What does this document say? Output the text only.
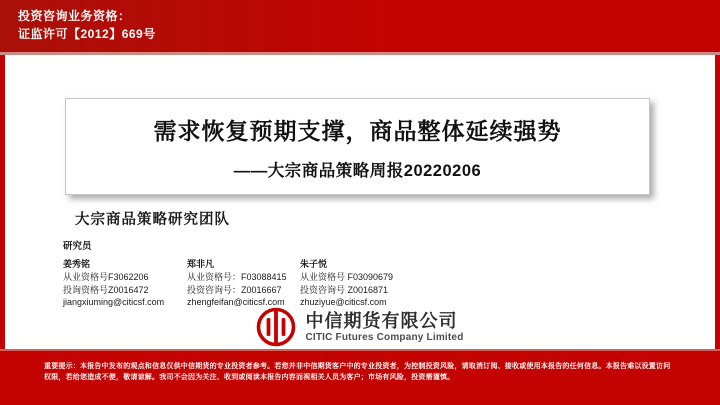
投资咨询业务资格：
证监许可【2012】669号
需求恢复预期支撑，商品整体延续强势
——大宗商品策略周报20220206
大宗商品策略研究团队
研究员
姜秀铭
从业资格号F3062206
投询资格号Z0016472
jiangxiuming@citicsf.com
郑非凡
从业资格号：F03088415
投资咨询号：Z0016667
zhengfeifan@citicsf.com
朱子悦
从业资格号 F03090679
投资咨询号 Z0016871
zhuziyue@citicsf.com
中信期货有限公司
CITIC Futures Company Limited
重要提示：本报告中发布的观点和信息仅供中信期货的专业投资者参考。若您并非中信期货客户中的专业投资者，为控制投资风险，请取消订阅、接收或使用本报告的任何信息。本报告难以设置访问权限，若给您造成不便，敬请谅解。我司不会因为关注、收到或阅读本报告内容而视相关人员为客户；市场有风险，投资需谨慎。
